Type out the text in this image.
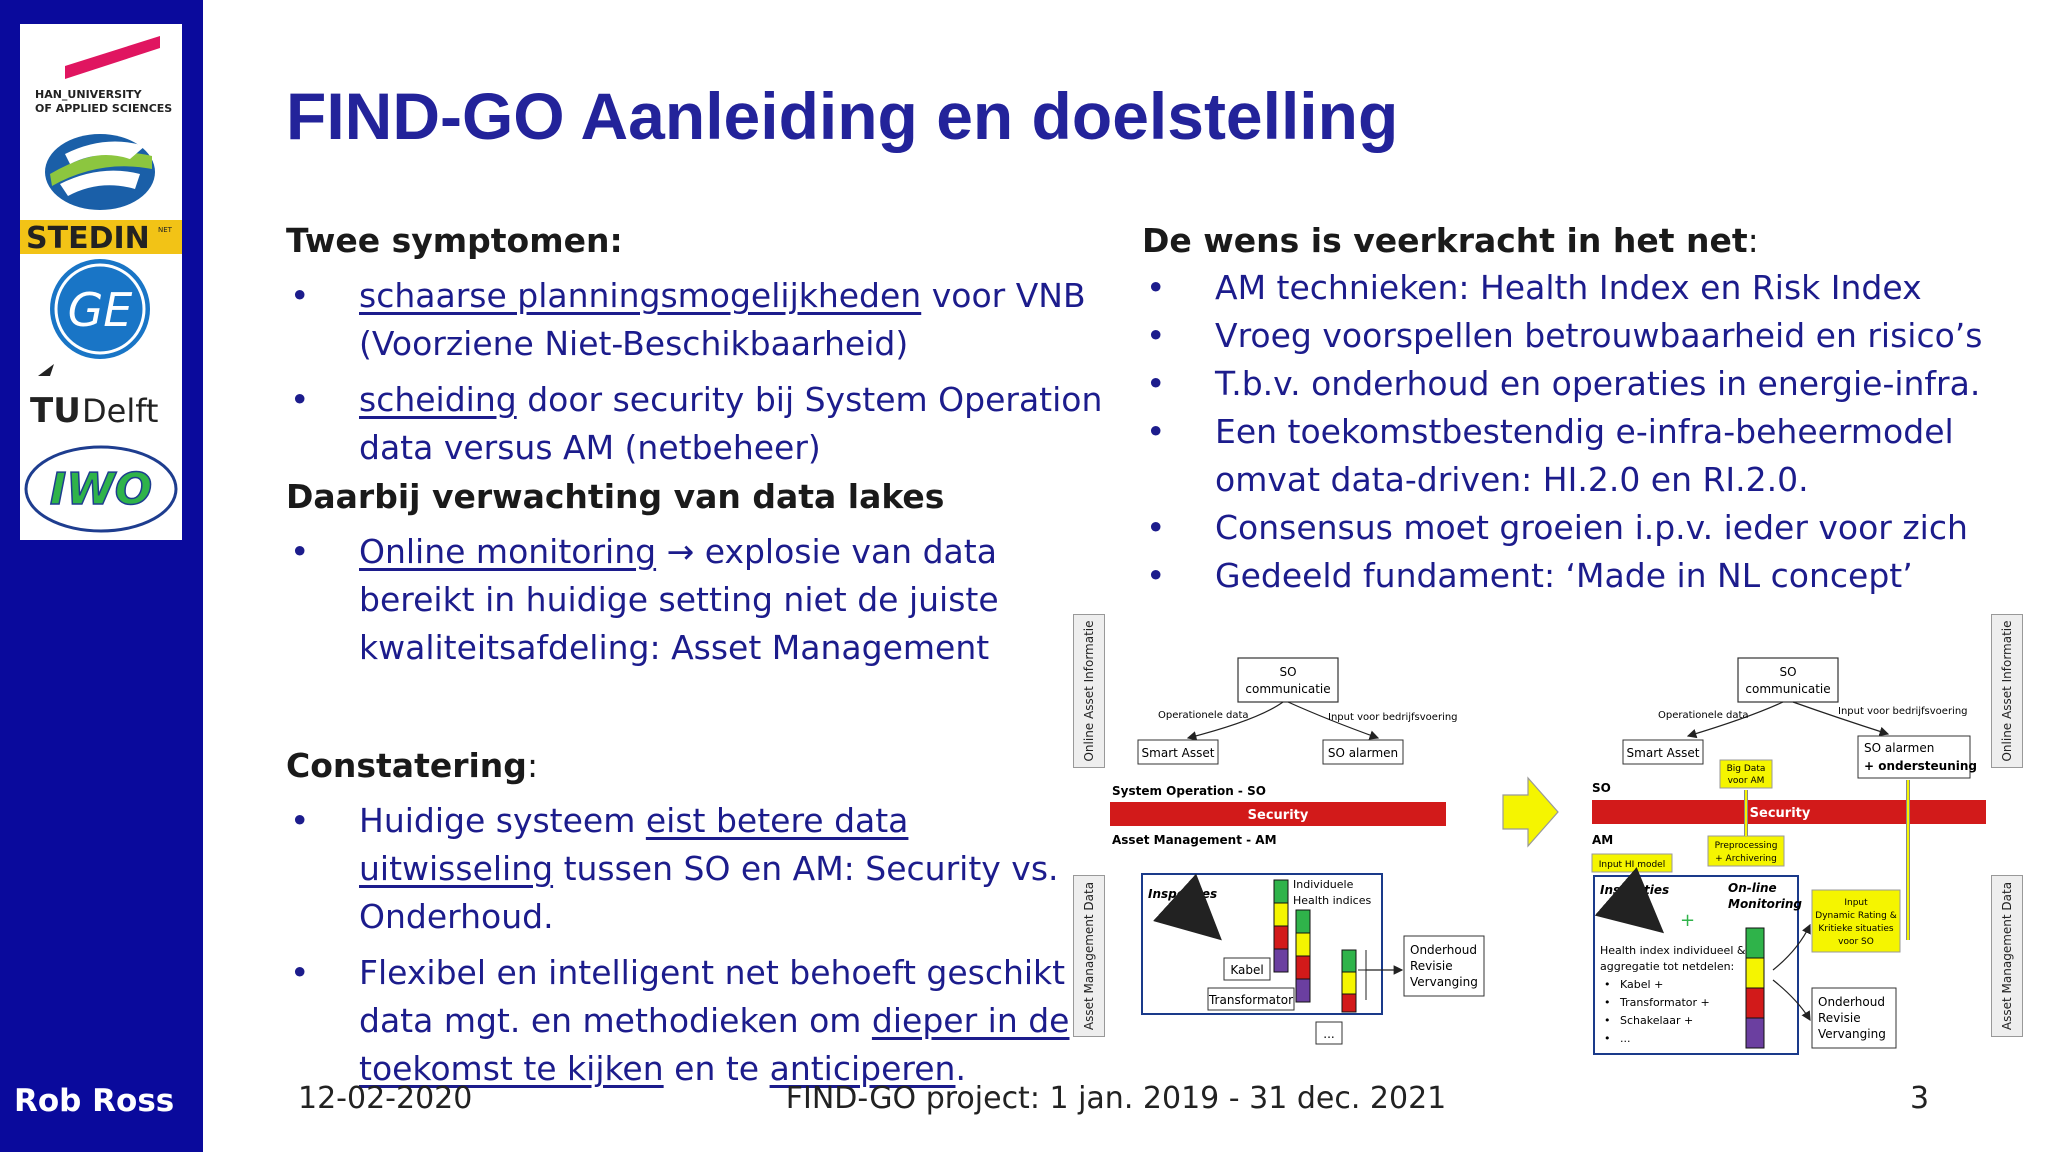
HAN_UNIVERSITY
OF APPLIED SCIENCES
STEDIN NET
GE
TU Delft
IWO
Rob Ross
FIND-GO Aanleiding en doelstelling
Twee symptomen:
• schaarse planningsmogelijkheden voor VNB (Voorziene Niet-Beschikbaarheid)
• scheiding door security bij System Operation data versus AM (netbeheer)
Daarbij verwachting van data lakes
• Online monitoring → explosie van data bereikt in huidige setting niet de juiste kwaliteitsafdeling: Asset Management
Constatering:
• Huidige systeem eist betere data uitwisseling tussen SO en AM: Security vs. Onderhoud.
• Flexibel en intelligent net behoeft geschikt data mgt. en methodieken om dieper in de toekomst te kijken en te anticiperen.
De wens is veerkracht in het net:
• AM technieken: Health Index en Risk Index
• Vroeg voorspellen betrouwbaarheid en risico’s
• T.b.v. onderhoud en operaties in energie-infra.
• Een toekomstbestendig e-infra-beheermodel omvat data-driven: HI.2.0 en RI.2.0.
• Consensus moet groeien i.p.v. ieder voor zich
• Gedeeld fundament: ‘Made in NL concept’
Online Asset Informatie
Asset Management Data
Online Asset Informatie
Asset Management Data
SO
communicatie
Operationele data	Input voor bedrijfsvoering
Smart Asset	SO alarmen
System Operation - SO
Security
Asset Management - AM
Inspecties
Individuele
Health indices
Kabel
Transformator
...
Onderhoud
Revisie
Vervanging
SO
communicatie
Operationele data	Input voor bedrijfsvoering
Smart Asset	SO alarmen
+ ondersteuning
Big Data
voor AM
SO
Security
AM	Preprocessing
+ Archivering
Input HI model
Inspecties
+
On-line
Monitoring
Health index individueel &
aggregatie tot netdelen:
• Kabel +
• Transformator +
• Schakelaar +
• ...
Input
Dynamic Rating &
Kritieke situaties
voor SO
Onderhoud
Revisie
Vervanging
12-02-2020	FIND-GO project: 1 jan. 2019 - 31 dec. 2021	3
